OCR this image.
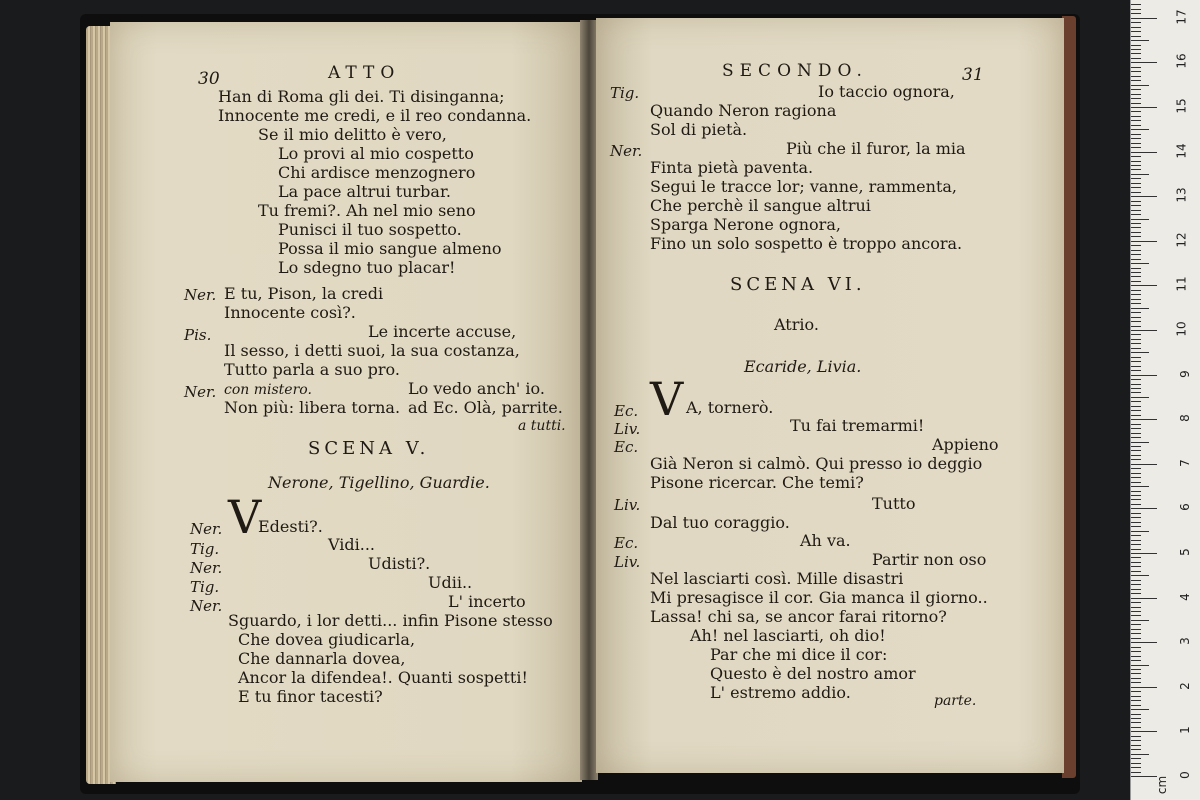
30	ATTO
Han di Roma gli dei. Ti disinganna;
Innocente me credi, e il reo condanna.
Se il mio delitto è vero,
Lo provi al mio cospetto
Chi ardisce menzognero
La pace altrui turbar.
Tu fremi?. Ah nel mio seno
Punisci il tuo sospetto.
Possa il mio sangue almeno
Lo sdegno tuo placar!
Ner. E tu, Pison, la credi
Innocente così?.
Pis.	Le incerte accuse,
Il sesso, i detti suoi, la sua costanza,
Tutto parla a suo pro.
Ner. con mistero.	Lo vedo anch' io.
Non più: libera torna. ad Ec. Olà, parrite.
a tutti.
SCENA V.
Nerone, Tigellino, Guardie.
V
Ner. Edesti?.
Tig.	Vidi...
Ner.	Udisti?.
Tig.	Udii..
Ner.	L' incerto
Sguardo, i lor detti... infin Pisone stesso
Che dovea giudicarla,
Che dannarla dovea,
Ancor la difendea!. Quanti sospetti!
E tu finor tacesti?
SECONDO.	31
Tig.	Io taccio ognora,
Quando Neron ragiona
Sol di pietà.
Ner.	Più che il furor, la mia
Finta pietà paventa.
Segui le tracce lor; vanne, rammenta,
Che perchè il sangue altrui
Sparga Nerone ognora,
Fino un solo sospetto è troppo ancora.
SCENA VI.
Atrio.
Ecaride, Livia.
V
Ec.	A, tornerò.
Liv.	Tu fai tremarmi!
Ec.	Appieno
Già Neron si calmò. Qui presso io deggio
Pisone ricercar. Che temi?
Liv.	Tutto
Dal tuo coraggio.
Ec.	Ah va.
Liv.	Partir non oso
Nel lasciarti così. Mille disastri
Mi presagisce il cor. Gia manca il giorno..
Lassa! chi sa, se ancor farai ritorno?
Ah! nel lasciarti, oh dio!
Par che mi dice il cor:
Questo è del nostro amor
L' estremo addio.	parte.
0
1
2
3
4
5
6
7
8
9
10
11
12
13
14
15
16
17
cm
